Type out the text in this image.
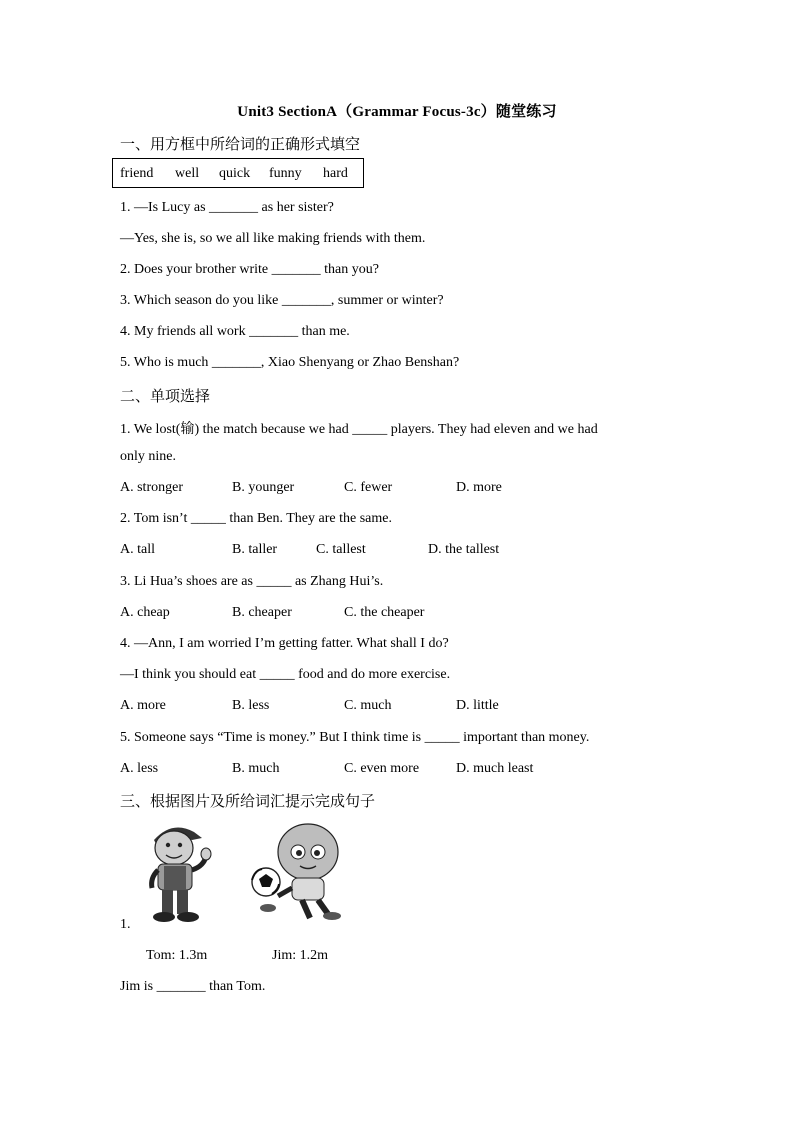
Unit3 SectionA（Grammar Focus-3c）随堂练习
一、用方框中所给词的正确形式填空
friend well quick funny hard
1. —Is Lucy as _______ as her sister?
—Yes, she is, so we all like making friends with them.
2. Does your brother write _______ than you?
3. Which season do you like _______, summer or winter?
4. My friends all work _______ than me.
5. Who is much _______, Xiao Shenyang or Zhao Benshan?
二、单项选择
1. We lost(输) the match because we had _____ players. They had eleven and we had
only nine.
A. stronger	B. younger	C. fewer	D. more
2. Tom isn’t _____ than Ben. They are the same.
A. tall	B. taller	C. tallest	D. the tallest
3. Li Hua’s shoes are as _____ as Zhang Hui’s.
A. cheap	B. cheaper	C. the cheaper
4. —Ann, I am worried I’m getting fatter. What shall I do?
—I think you should eat _____ food and do more exercise.
A. more	B. less	C. much	D. little
5. Someone says “Time is money.” But I think time is _____ important than money.
A. less	B. much	C. even more	D. much least
三、根据图片及所给词汇提示完成句子
1.
Tom: 1.3m	Jim: 1.2m
Jim is _______ than Tom.
